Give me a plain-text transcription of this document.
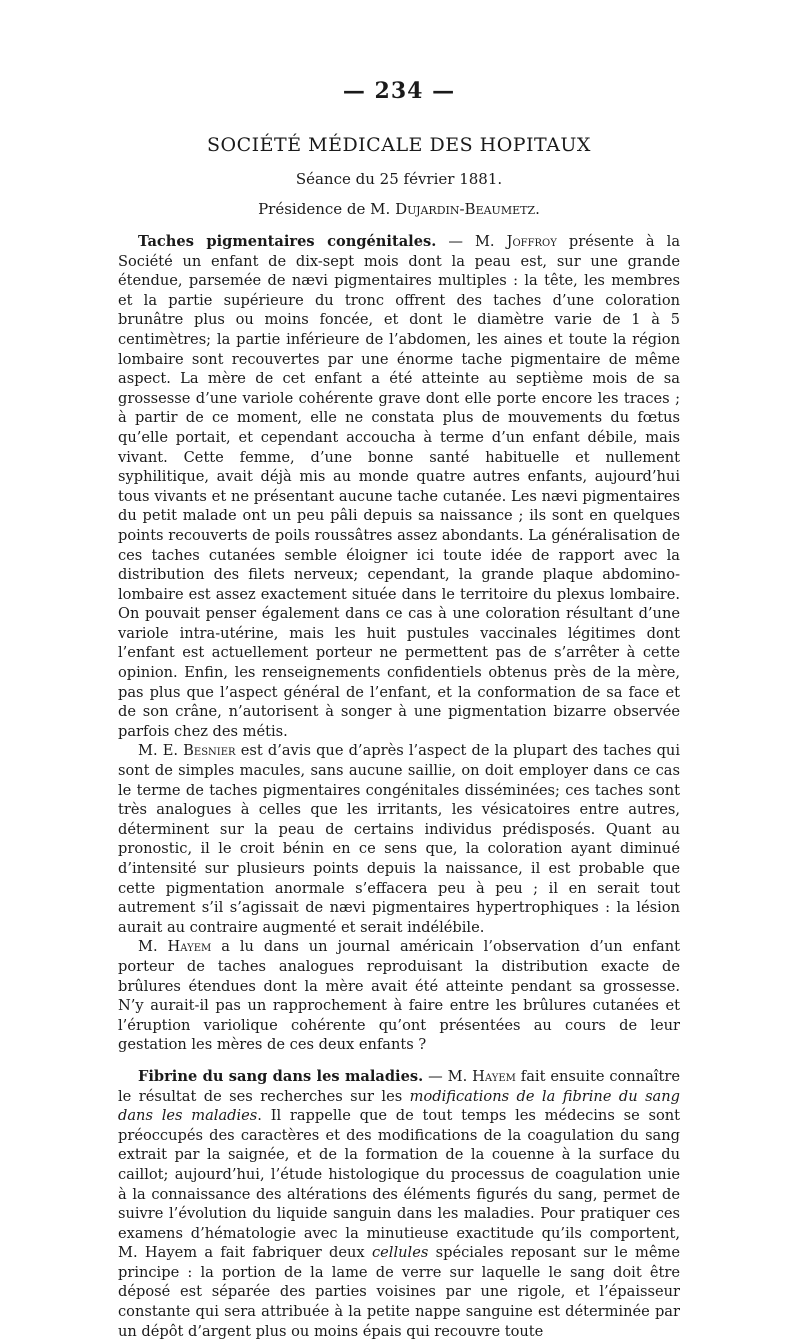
— 234 —
SOCIÉTÉ MÉDICALE DES HOPITAUX
Séance du 25 février 1881.
Présidence de M. Dujardin-Beaumetz.

Taches pigmentaires congénitales. — M. Joffroy présente à la Société un enfant de dix-sept mois dont la peau est, sur une grande étendue, parsemée de nævi pigmentaires multiples : la tête, les membres et la partie supérieure du tronc offrent des taches d’une coloration brunâtre plus ou moins foncée, et dont le diamètre varie de 1 à 5 centimètres; la partie inférieure de l’abdomen, les aines et toute la région lombaire sont recouvertes par une énorme tache pigmentaire de même aspect. La mère de cet enfant a été atteinte au septième mois de sa grossesse d’une variole cohérente grave dont elle porte encore les traces ; à partir de ce moment, elle ne constata plus de mouvements du fœtus qu’elle portait, et cependant accoucha à terme d’un enfant débile, mais vivant. Cette femme, d’une bonne santé habituelle et nullement syphilitique, avait déjà mis au monde quatre autres enfants, aujourd’hui tous vivants et ne présentant aucune tache cutanée. Les nævi pigmentaires du petit malade ont un peu pâli depuis sa naissance ; ils sont en quelques points recouverts de poils roussâtres assez abondants. La généralisation de ces taches cutanées semble éloigner ici toute idée de rapport avec la distribution des filets nerveux; cependant, la grande plaque abdomino-lombaire est assez exactement située dans le territoire du plexus lombaire. On pouvait penser également dans ce cas à une coloration résultant d’une variole intra-utérine, mais les huit pustules vaccinales légitimes dont l’enfant est actuellement porteur ne permettent pas de s’arrêter à cette opinion. Enfin, les renseignements confidentiels obtenus près de la mère, pas plus que l’aspect général de l’enfant, et la conformation de sa face et de son crâne, n’autorisent à songer à une pigmentation bizarre observée parfois chez des métis.

M. E. Besnier est d’avis que d’après l’aspect de la plupart des taches qui sont de simples macules, sans aucune saillie, on doit employer dans ce cas le terme de taches pigmentaires congénitales disséminées; ces taches sont très analogues à celles que les irritants, les vésicatoires entre autres, déterminent sur la peau de certains individus prédisposés. Quant au pronostic, il le croit bénin en ce sens que, la coloration ayant diminué d’intensité sur plusieurs points depuis la naissance, il est probable que cette pigmentation anormale s’effacera peu à peu ; il en serait tout autrement s’il s’agissait de nævi pigmentaires hypertrophiques : la lésion aurait au contraire augmenté et serait indélébile.

M. Hayem a lu dans un journal américain l’observation d’un enfant porteur de taches analogues reproduisant la distribution exacte de brûlures étendues dont la mère avait été atteinte pendant sa grossesse. N’y aurait-il pas un rapprochement à faire entre les brûlures cutanées et l’éruption variolique cohérente qu’ont présentées au cours de leur gestation les mères de ces deux enfants ?

Fibrine du sang dans les maladies. — M. Hayem fait ensuite connaître le résultat de ses recherches sur les modifications de la fibrine du sang dans les maladies. Il rappelle que de tout temps les médecins se sont préoccupés des caractères et des modifications de la coagulation du sang extrait par la saignée, et de la formation de la couenne à la surface du caillot; aujourd’hui, l’étude histologique du processus de coagulation unie à la connaissance des altérations des éléments figurés du sang, permet de suivre l’évolution du liquide sanguin dans les maladies. Pour pratiquer ces examens d’hématologie avec la minutieuse exactitude qu’ils comportent, M. Hayem a fait fabriquer deux cellules spéciales reposant sur le même principe : la portion de la lame de verre sur laquelle le sang doit être déposé est séparée des parties voisines par une rigole, et l’épaisseur constante qui sera attribuée à la petite nappe sanguine est déterminée par un dépôt d’argent plus ou moins épais qui recouvre toute
